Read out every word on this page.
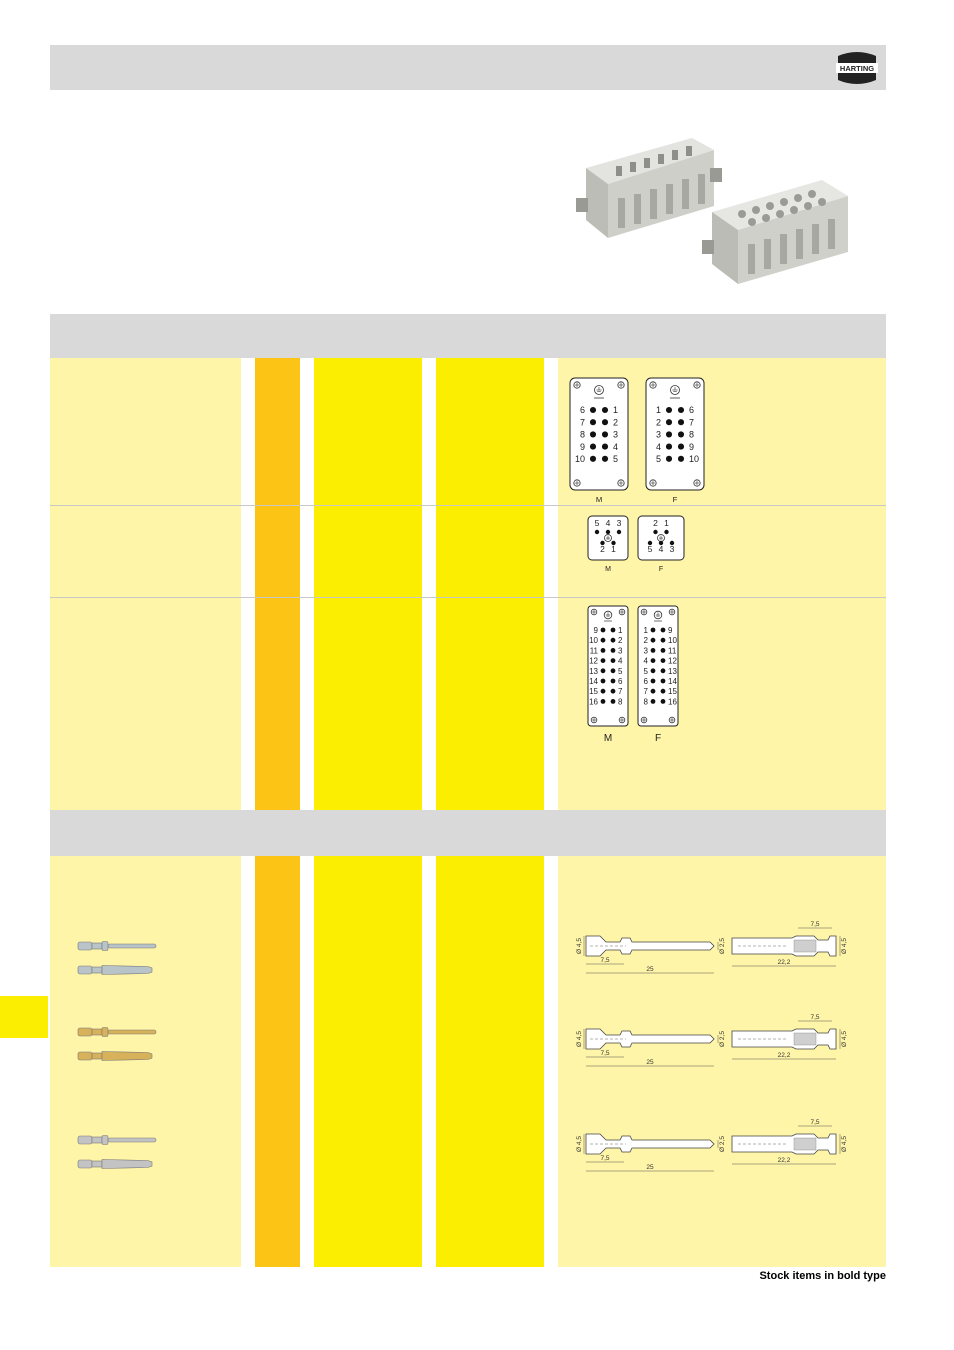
HARTING
6	1
7	2
8	3
9	4
10	5
M
1	6
2	7
3	8
4	9
5	10
F
5 4 3
2 1
M
2 1
5 4 3
F
9	1
10	2
11	3
12	4
13	5
14	6
15	7
16	8
M
1	9
2	10
3	11
4	12
5	13
6	14
7	15
8	16
F
Ø 4,5	Ø 2,5
7,5
25
7,5
Ø 4,5
22,2
Ø 4,5	Ø 2,5
7,5
25
7,5
Ø 4,5
22,2
Ø 4,5	Ø 2,5
7,5
25
7,5
Ø 4,5
22,2
Stock items in bold type
